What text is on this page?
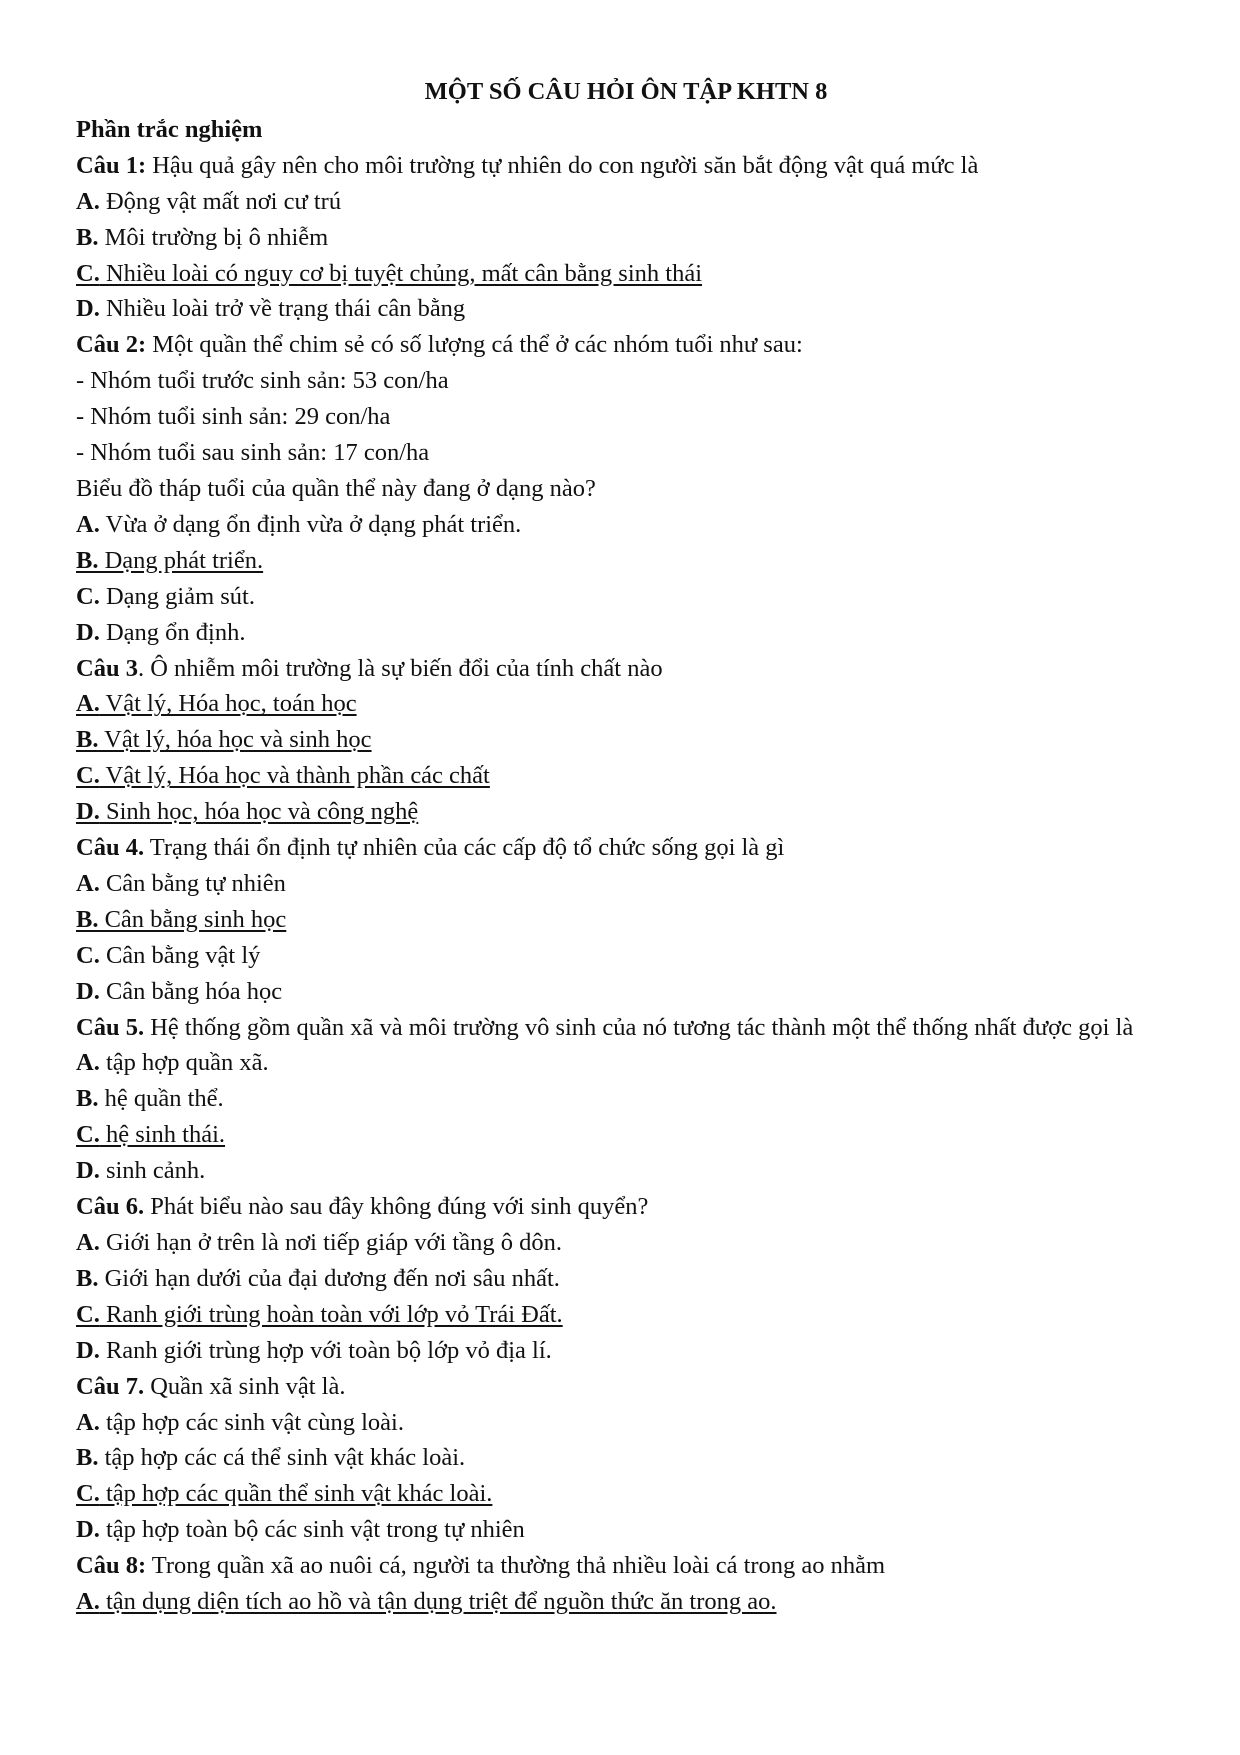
MỘT SỐ CÂU HỎI ÔN TẬP KHTN 8
Phần trắc nghiệm
Câu 1: Hậu quả gây nên cho môi trường tự nhiên do con người săn bắt động vật quá mức là
A. Động vật mất nơi cư trú
B. Môi trường bị ô nhiễm
C. Nhiều loài có nguy cơ bị tuyệt chủng, mất cân bằng sinh thái
D. Nhiều loài trở về trạng thái cân bằng
Câu 2: Một quần thể chim sẻ có số lượng cá thể ở các nhóm tuổi như sau:
- Nhóm tuổi trước sinh sản: 53 con/ha
- Nhóm tuổi sinh sản: 29 con/ha
- Nhóm tuổi sau sinh sản: 17 con/ha
Biểu đồ tháp tuổi của quần thể này đang ở dạng nào?
A. Vừa ở dạng ổn định vừa ở dạng phát triển.
B. Dạng phát triển.
C. Dạng giảm sút.
D. Dạng ổn định.
Câu 3. Ô nhiễm môi trường là sự biến đổi của tính chất nào
A. Vật lý, Hóa học, toán học
B. Vật lý, hóa học và sinh học
C. Vật lý, Hóa học và thành phần các chất
D. Sinh học, hóa học và công nghệ
Câu 4. Trạng thái ổn định tự nhiên của các cấp độ tổ chức sống gọi là gì
A. Cân bằng tự nhiên
B. Cân bằng sinh học
C. Cân bằng vật lý
D. Cân bằng hóa học
Câu 5. Hệ thống gồm quần xã và môi trường vô sinh của nó tương tác thành một thể thống nhất được gọi là
A. tập hợp quần xã.
B. hệ quần thể.
C. hệ sinh thái.
D. sinh cảnh.
Câu 6. Phát biểu nào sau đây không đúng với sinh quyển?
A. Giới hạn ở trên là nơi tiếp giáp với tầng ô dôn.
B. Giới hạn dưới của đại dương đến nơi sâu nhất.
C. Ranh giới trùng hoàn toàn với lớp vỏ Trái Đất.
D. Ranh giới trùng hợp với toàn bộ lớp vỏ địa lí.
Câu 7. Quần xã sinh vật là.
A. tập hợp các sinh vật cùng loài.
B. tập hợp các cá thể sinh vật khác loài.
C. tập hợp các quần thể sinh vật khác loài.
D. tập hợp toàn bộ các sinh vật trong tự nhiên
Câu 8: Trong quần xã ao nuôi cá, người ta thường thả nhiều loài cá trong ao nhằm
A. tận dụng diện tích ao hồ và tận dụng triệt để nguồn thức ăn trong ao.
